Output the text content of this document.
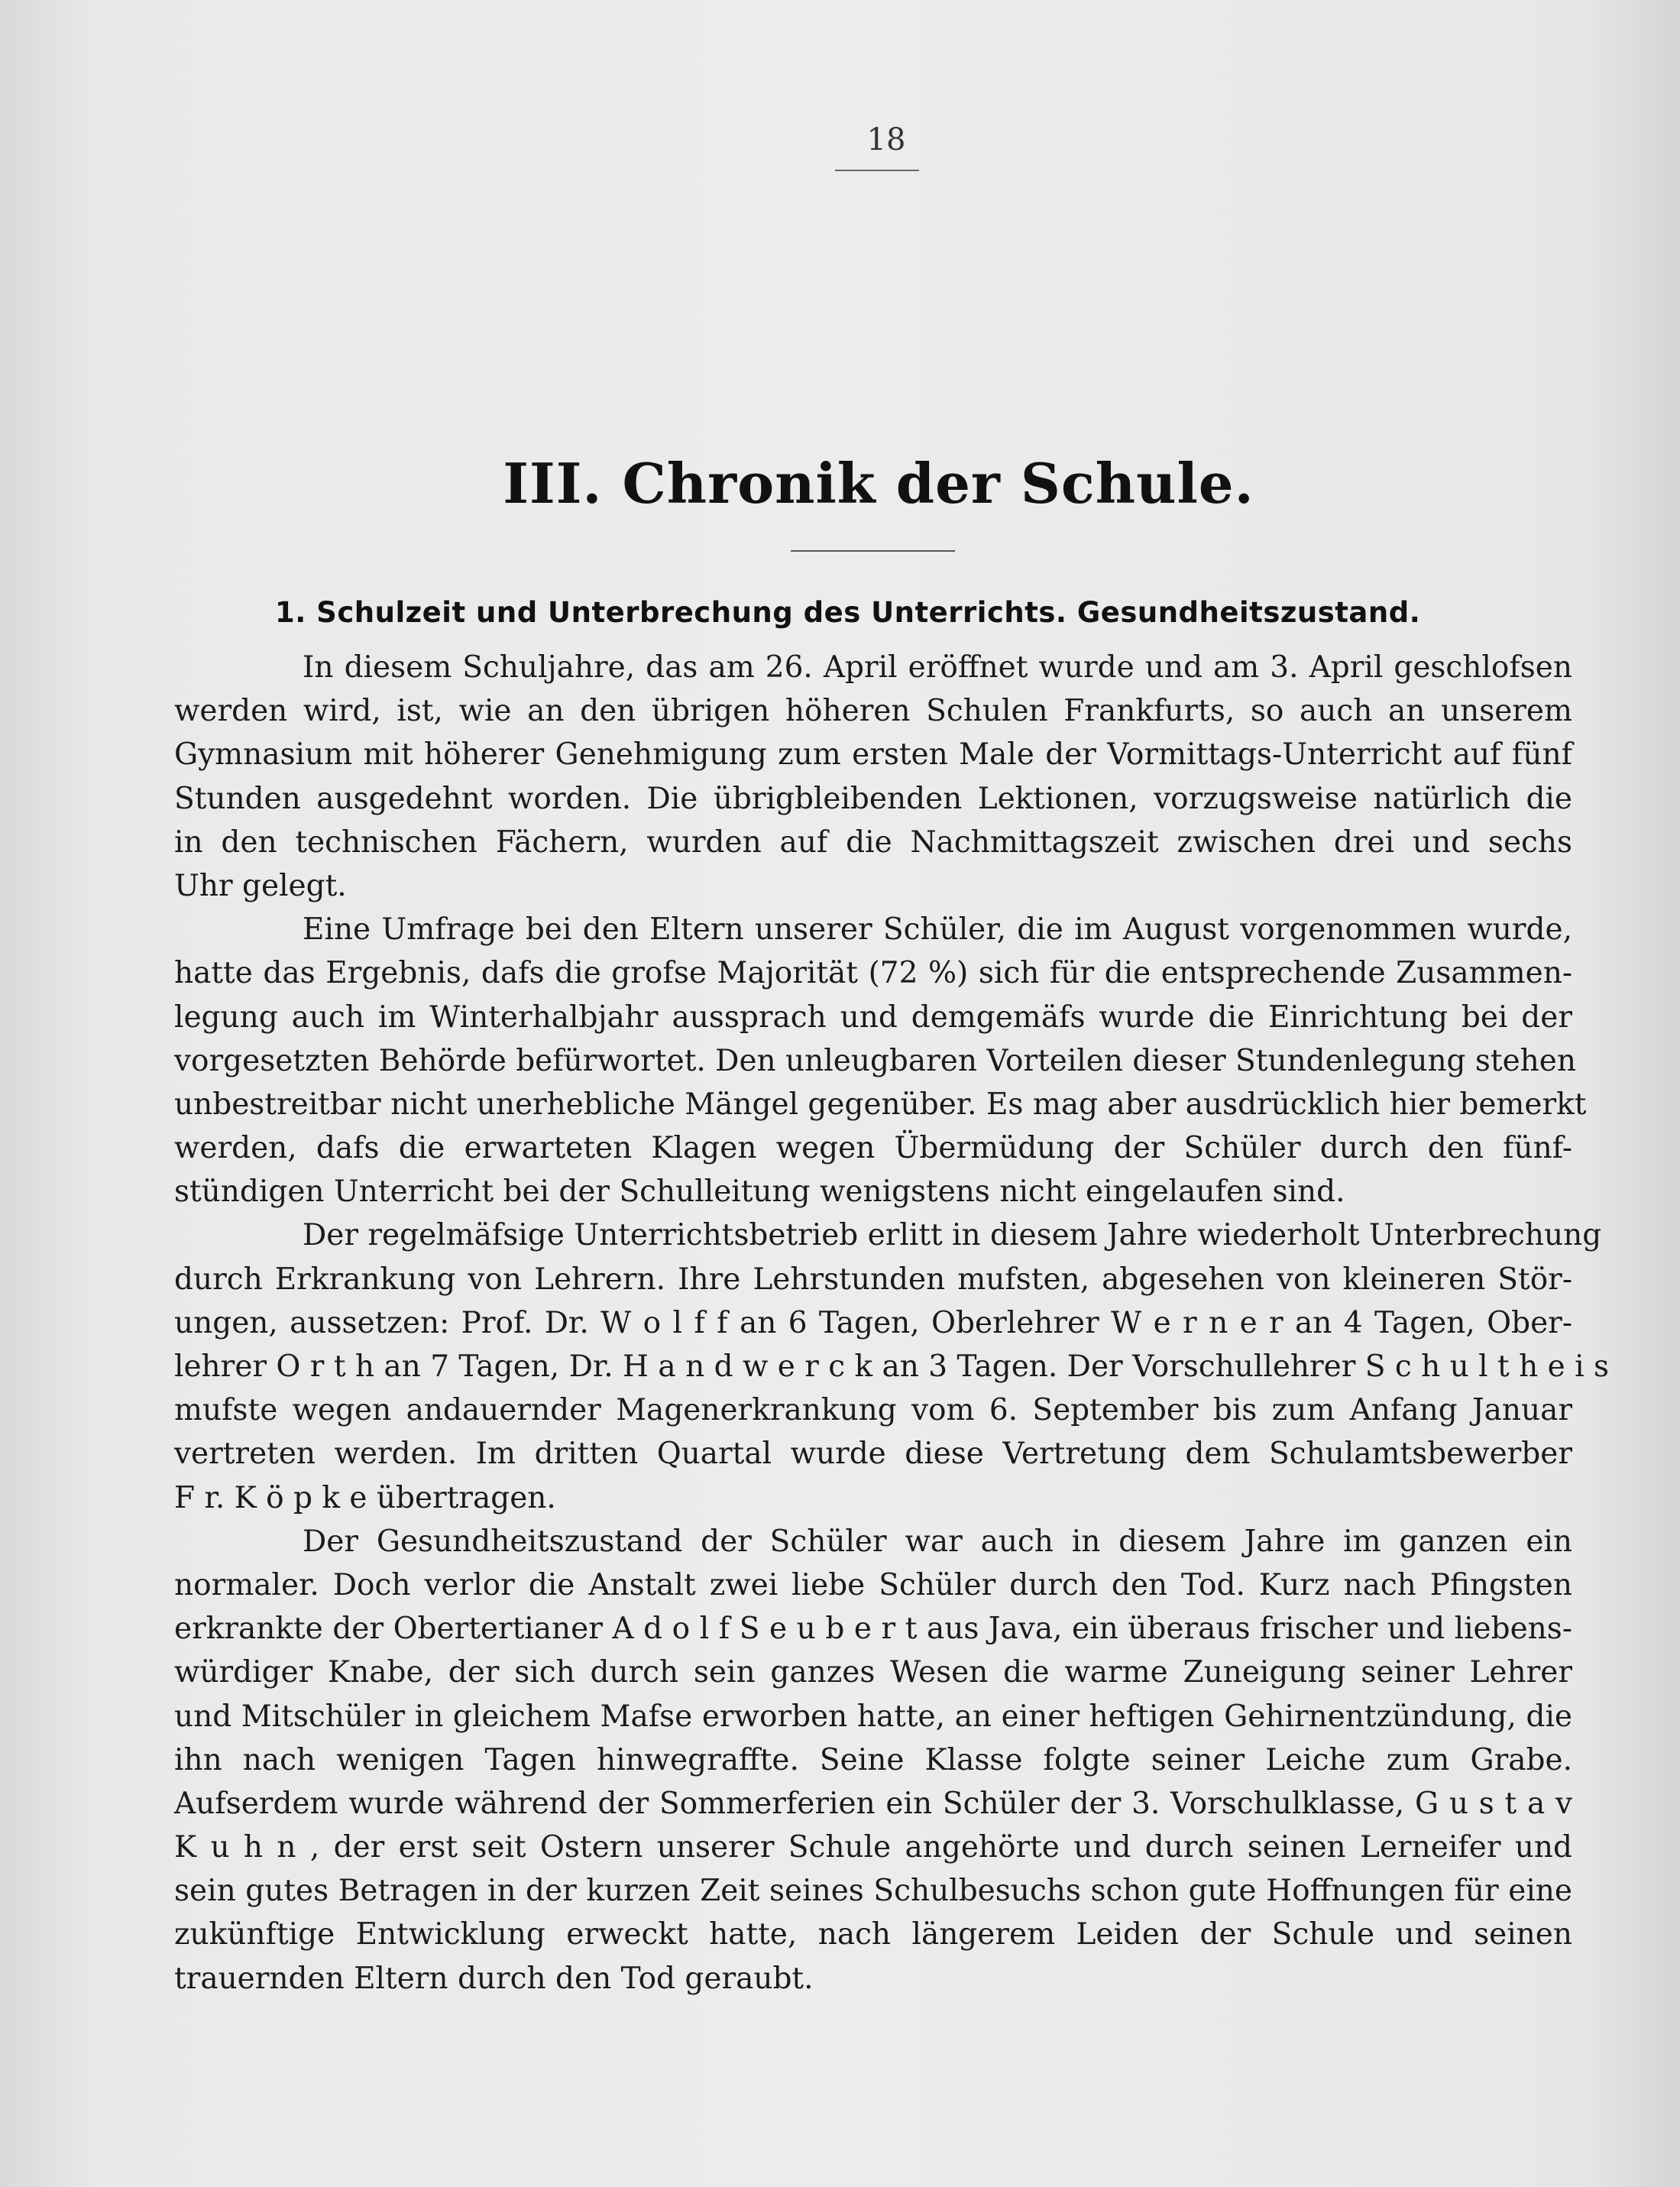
18
III. Chronik der Schule.
1. Schulzeit und Unterbrechung des Unterrichts. Gesundheitszustand.
In diesem Schuljahre, das am 26. April eröffnet wurde und am 3. April geschlofsen
werden wird, ist, wie an den übrigen höheren Schulen Frankfurts, so auch an unserem
Gymnasium mit höherer Genehmigung zum ersten Male der Vormittags-Unterricht auf fünf
Stunden ausgedehnt worden. Die übrigbleibenden Lektionen, vorzugsweise natürlich die
in den technischen Fächern, wurden auf die Nachmittagszeit zwischen drei und sechs
Uhr gelegt.
Eine Umfrage bei den Eltern unserer Schüler, die im August vorgenommen wurde,
hatte das Ergebnis, dafs die grofse Majorität (72 %) sich für die entsprechende Zusammen-
legung auch im Winterhalbjahr aussprach und demgemäfs wurde die Einrichtung bei der
vorgesetzten Behörde befürwortet. Den unleugbaren Vorteilen dieser Stundenlegung stehen
unbestreitbar nicht unerhebliche Mängel gegenüber. Es mag aber ausdrücklich hier bemerkt
werden, dafs die erwarteten Klagen wegen Übermüdung der Schüler durch den fünf-
stündigen Unterricht bei der Schulleitung wenigstens nicht eingelaufen sind.
Der regelmäfsige Unterrichtsbetrieb erlitt in diesem Jahre wiederholt Unterbrechung
durch Erkrankung von Lehrern. Ihre Lehrstunden mufsten, abgesehen von kleineren Stör-
ungen, aussetzen: Prof. Dr. W o l f f an 6 Tagen, Oberlehrer W e r n e r an 4 Tagen, Ober-
lehrer O r t h an 7 Tagen, Dr. H a n d w e r c k an 3 Tagen. Der Vorschullehrer S c h u l t h e i s
mufste wegen andauernder Magenerkrankung vom 6. September bis zum Anfang Januar
vertreten werden. Im dritten Quartal wurde diese Vertretung dem Schulamtsbewerber
F r. K ö p k e übertragen.
Der Gesundheitszustand der Schüler war auch in diesem Jahre im ganzen ein
normaler. Doch verlor die Anstalt zwei liebe Schüler durch den Tod. Kurz nach Pfingsten
erkrankte der Obertertianer A d o l f S e u b e r t aus Java, ein überaus frischer und liebens-
würdiger Knabe, der sich durch sein ganzes Wesen die warme Zuneigung seiner Lehrer
und Mitschüler in gleichem Mafse erworben hatte, an einer heftigen Gehirnentzündung, die
ihn nach wenigen Tagen hinwegraffte. Seine Klasse folgte seiner Leiche zum Grabe.
Aufserdem wurde während der Sommerferien ein Schüler der 3. Vorschulklasse, G u s t a v
K u h n , der erst seit Ostern unserer Schule angehörte und durch seinen Lerneifer und
sein gutes Betragen in der kurzen Zeit seines Schulbesuchs schon gute Hoffnungen für eine
zukünftige Entwicklung erweckt hatte, nach längerem Leiden der Schule und seinen
trauernden Eltern durch den Tod geraubt.
